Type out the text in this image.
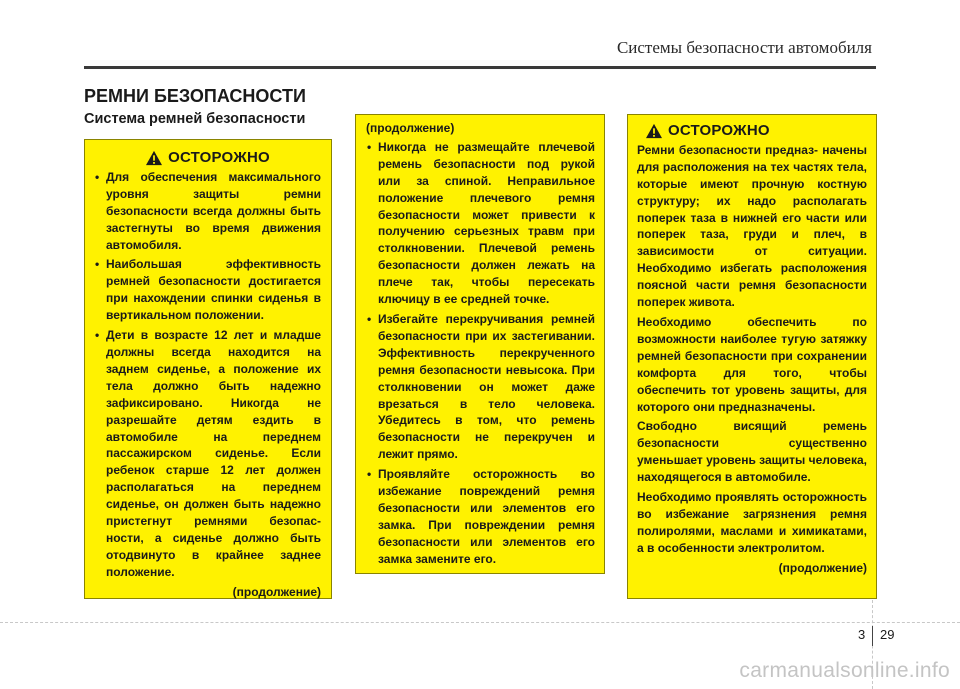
Системы безопасности автомобиля
РЕМНИ БЕЗОПАСНОСТИ
Система ремней безопасности
ОСТОРОЖНО
• Для обеспечения максимального уровня защиты ремни безопасности всегда должны быть застегнуты во время движения автомобиля.
• Наибольшая эффективность ремней безопасности достигается при нахождении спинки сиденья в вертикальном положении.
• Дети в возрасте 12 лет и младше должны всегда находится на заднем сиденье, а положение их тела должно быть надежно зафиксировано. Никогда не разрешайте детям ездить в автомобиле на переднем пассажирском сиденье. Если ребенок старше 12 лет должен располагаться на переднем сиденье, он должен быть надежно пристегнут ремнями безопас- ности, а сиденье должно быть отодвинуто в крайнее заднее положение.
(продолжение)
(продолжение)
• Никогда не размещайте плечевой ремень безопасности под рукой или за спиной. Неправильное положение плечевого ремня безопасности может привести к получению серьезных травм при столкновении. Плечевой ремень безопасности должен лежать на плече так, чтобы пересекать ключицу в ее средней точке.
• Избегайте перекручивания ремней безопасности при их застегивании. Эффективность перекрученного ремня безопасности невысока. При столкновении он может даже врезаться в тело человека. Убедитесь в том, что ремень безопасности не перекручен и лежит прямо.
• Проявляйте осторожность во избежание повреждений ремня безопасности или элементов его замка. При повреждении ремня безопасности или элементов его замка замените его.
ОСТОРОЖНО
Ремни безопасности предназ- начены для расположения на тех частях тела, которые имеют прочную костную структуру; их надо располагать поперек таза в нижней его части или поперек таза, груди и плеч, в зависимости от ситуации. Необходимо избегать расположения поясной части ремня безопасности поперек живота.
Необходимо обеспечить по возможности наиболее тугую затяжку ремней безопасности при сохранении комфорта для того, чтобы обеспечить тот уровень защиты, для которого они предназначены.
Свободно висящий ремень безопасности существенно уменьшает уровень защиты человека, находящегося в автомобиле.
Необходимо проявлять осторожность во избежание загрязнения ремня полиролями, маслами и химикатами, а в особенности электролитом.
(продолжение)
3 29
carmanualsonline.info
